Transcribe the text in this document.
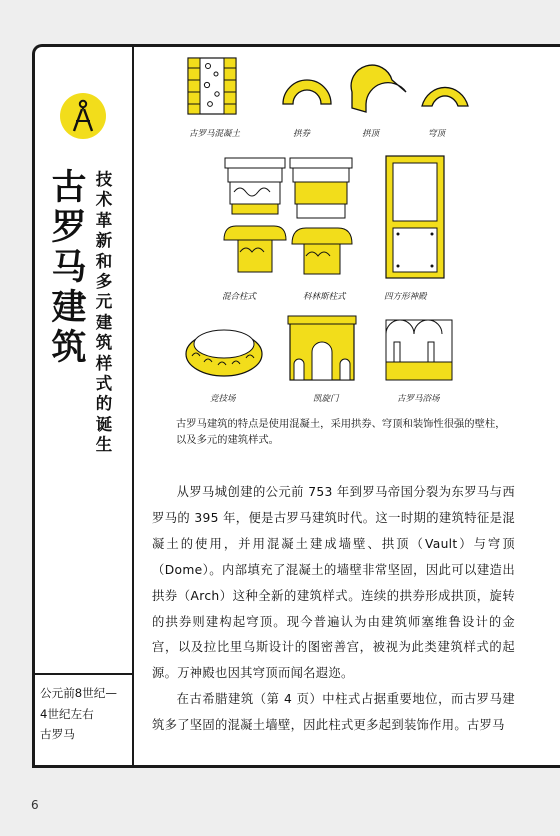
古罗马建筑
技术革新和多元建筑样式的诞生
公元前8世纪—
4世纪左右
古罗马
古罗马混凝土	拱券	拱顶	穹顶
混合柱式	科林斯柱式	四方形神殿
竞技场	凯旋门	古罗马浴场
古罗马建筑的特点是使用混凝土，采用拱券、穹顶和装饰性很强的壁柱，以及多元的建筑样式。

从罗马城创建的公元前 753 年到罗马帝国分裂为东罗马与西罗马的 395 年，便是古罗马建筑时代。这一时期的建筑特征是混凝土的使用，并用混凝土建成墙壁、拱顶（Vault）与穹顶（Dome）。内部填充了混凝土的墙壁非常坚固，因此可以建造出拱券（Arch）这种全新的建筑样式。连续的拱券形成拱顶，旋转的拱券则建构起穹顶。现今普遍认为由建筑师塞维鲁设计的金宫，以及拉比里乌斯设计的图密善宫，被视为此类建筑样式的起源。万神殿也因其穹顶而闻名遐迩。

在古希腊建筑（第 4 页）中柱式占据重要地位，而古罗马建筑多了坚固的混凝土墙壁，因此柱式更多起到装饰作用。古罗马

6
